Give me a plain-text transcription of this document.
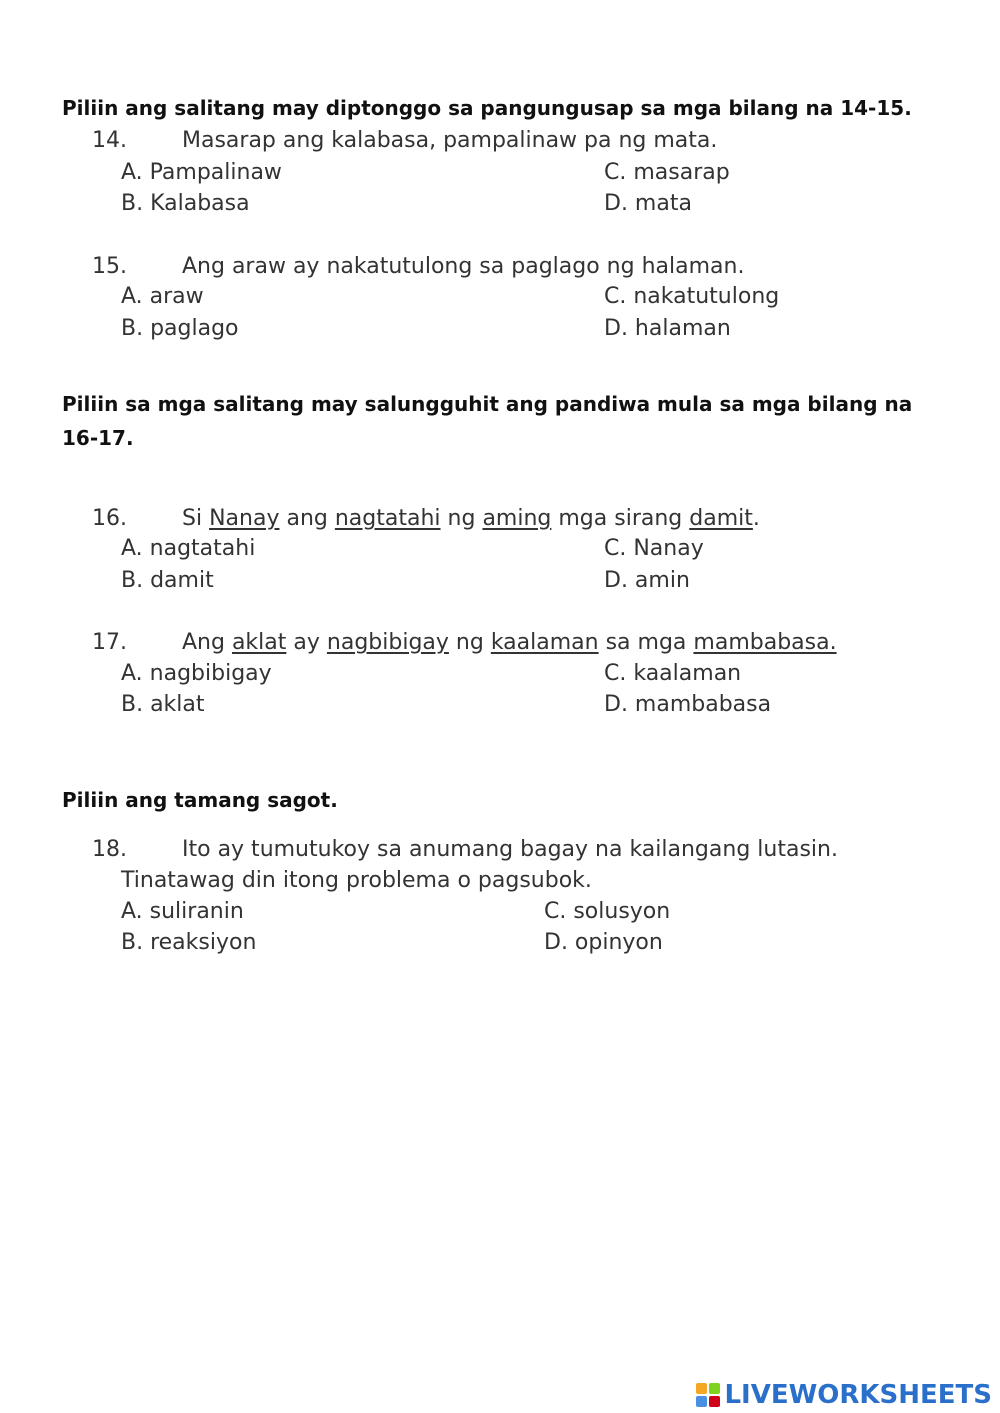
Piliin ang salitang may diptonggo sa pangungusap sa mga bilang na 14-15.
14.	Masarap ang kalabasa, pampalinaw pa ng mata.
A. Pampalinaw
B. Kalabasa
C. masarap
D. mata
15.	Ang araw ay nakatutulong sa paglago ng halaman.
A. araw
B. paglago
C. nakatutulong
D. halaman
Piliin sa mga salitang may salungguhit ang pandiwa mula sa mga bilang na
16-17.
16.	Si Nanay ang nagtatahi ng aming mga sirang damit.
A. nagtatahi
B. damit
C. Nanay
D. amin
17.	Ang aklat ay nagbibigay ng kaalaman sa mga mambabasa.
A. nagbibigay
B. aklat
C. kaalaman
D. mambabasa
Piliin ang tamang sagot.
18.	Ito ay tumutukoy sa anumang bagay na kailangang lutasin.
Tinatawag din itong problema o pagsubok.
A. suliranin
B. reaksiyon
C. solusyon
D. opinyon
LIVEWORKSHEETS
